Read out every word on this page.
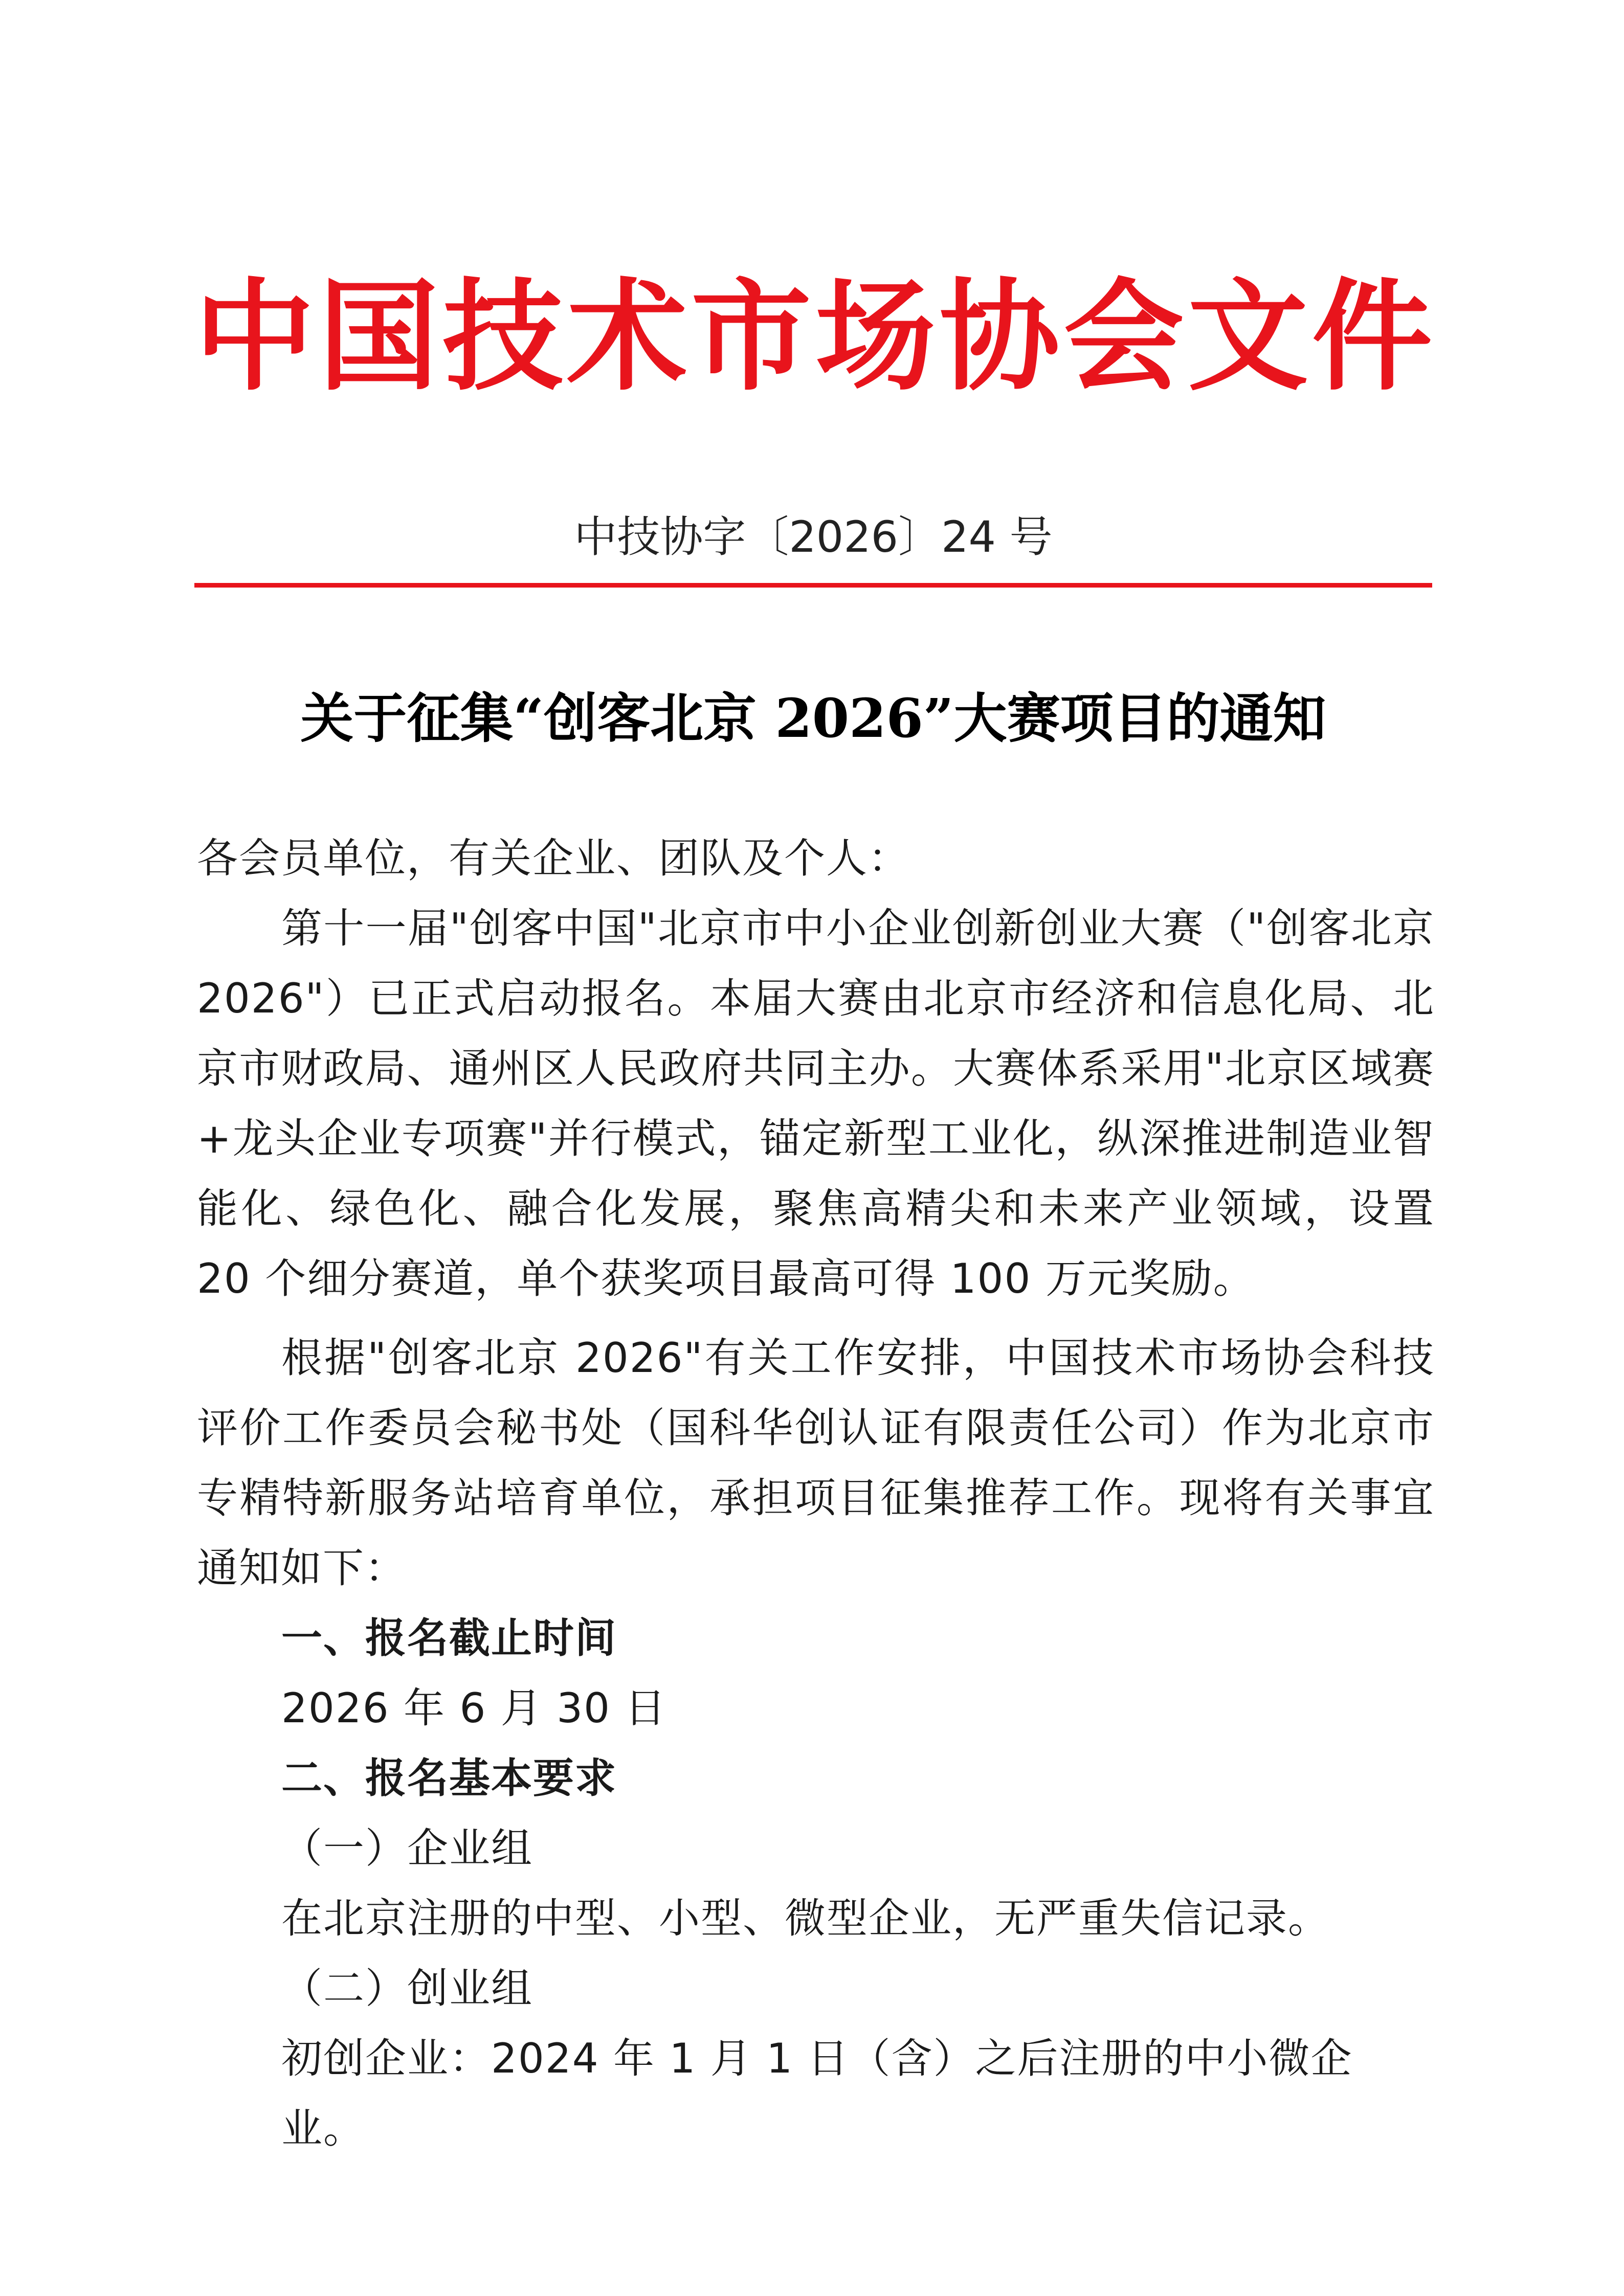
中国技术市场协会文件
中技协字〔2026〕24 号
关于征集“创客北京 2026”大赛项目的通知

各会员单位，有关企业、团队及个人：

第十一届"创客中国"北京市中小企业创新创业大赛（"创客北京 2026"）已正式启动报名。本届大赛由北京市经济和信息化局、北京市财政局、通州区人民政府共同主办。大赛体系采用"北京区域赛+龙头企业专项赛"并行模式，锚定新型工业化，纵深推进制造业智能化、绿色化、融合化发展，聚焦高精尖和未来产业领域，设置 20 个细分赛道，单个获奖项目最高可得 100 万元奖励。

根据"创客北京 2026"有关工作安排，中国技术市场协会科技评价工作委员会秘书处（国科华创认证有限责任公司）作为北京市专精特新服务站培育单位，承担项目征集推荐工作。现将有关事宜通知如下：

一、报名截止时间

2026 年 6 月 30 日

二、报名基本要求

（一）企业组

在北京注册的中型、小型、微型企业，无严重失信记录。

（二）创业组

初创企业：2024 年 1 月 1 日（含）之后注册的中小微企业。
